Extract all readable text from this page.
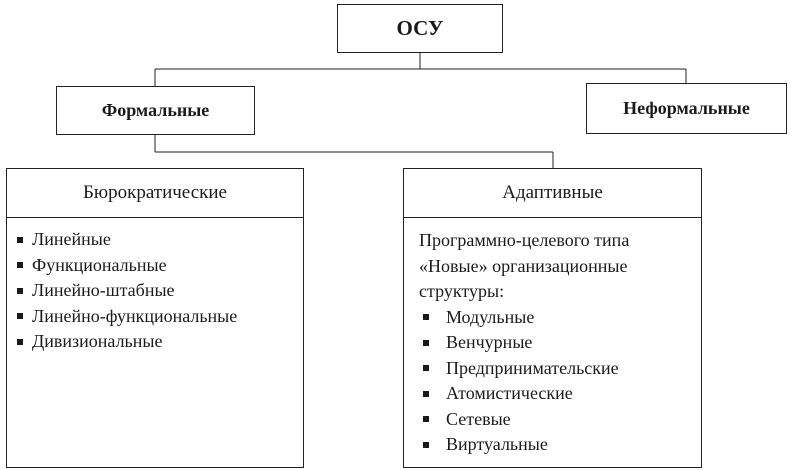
ОСУ
Формальные	Неформальные
Бюрократические
Линейные
Функциональные
Линейно-штабные
Линейно-функциональные
Дивизиональные
Адаптивные
Программно-целевого типа
«Новые» организационные
структуры:
Модульные
Венчурные
Предпринимательские
Атомистические
Сетевые
Виртуальные
